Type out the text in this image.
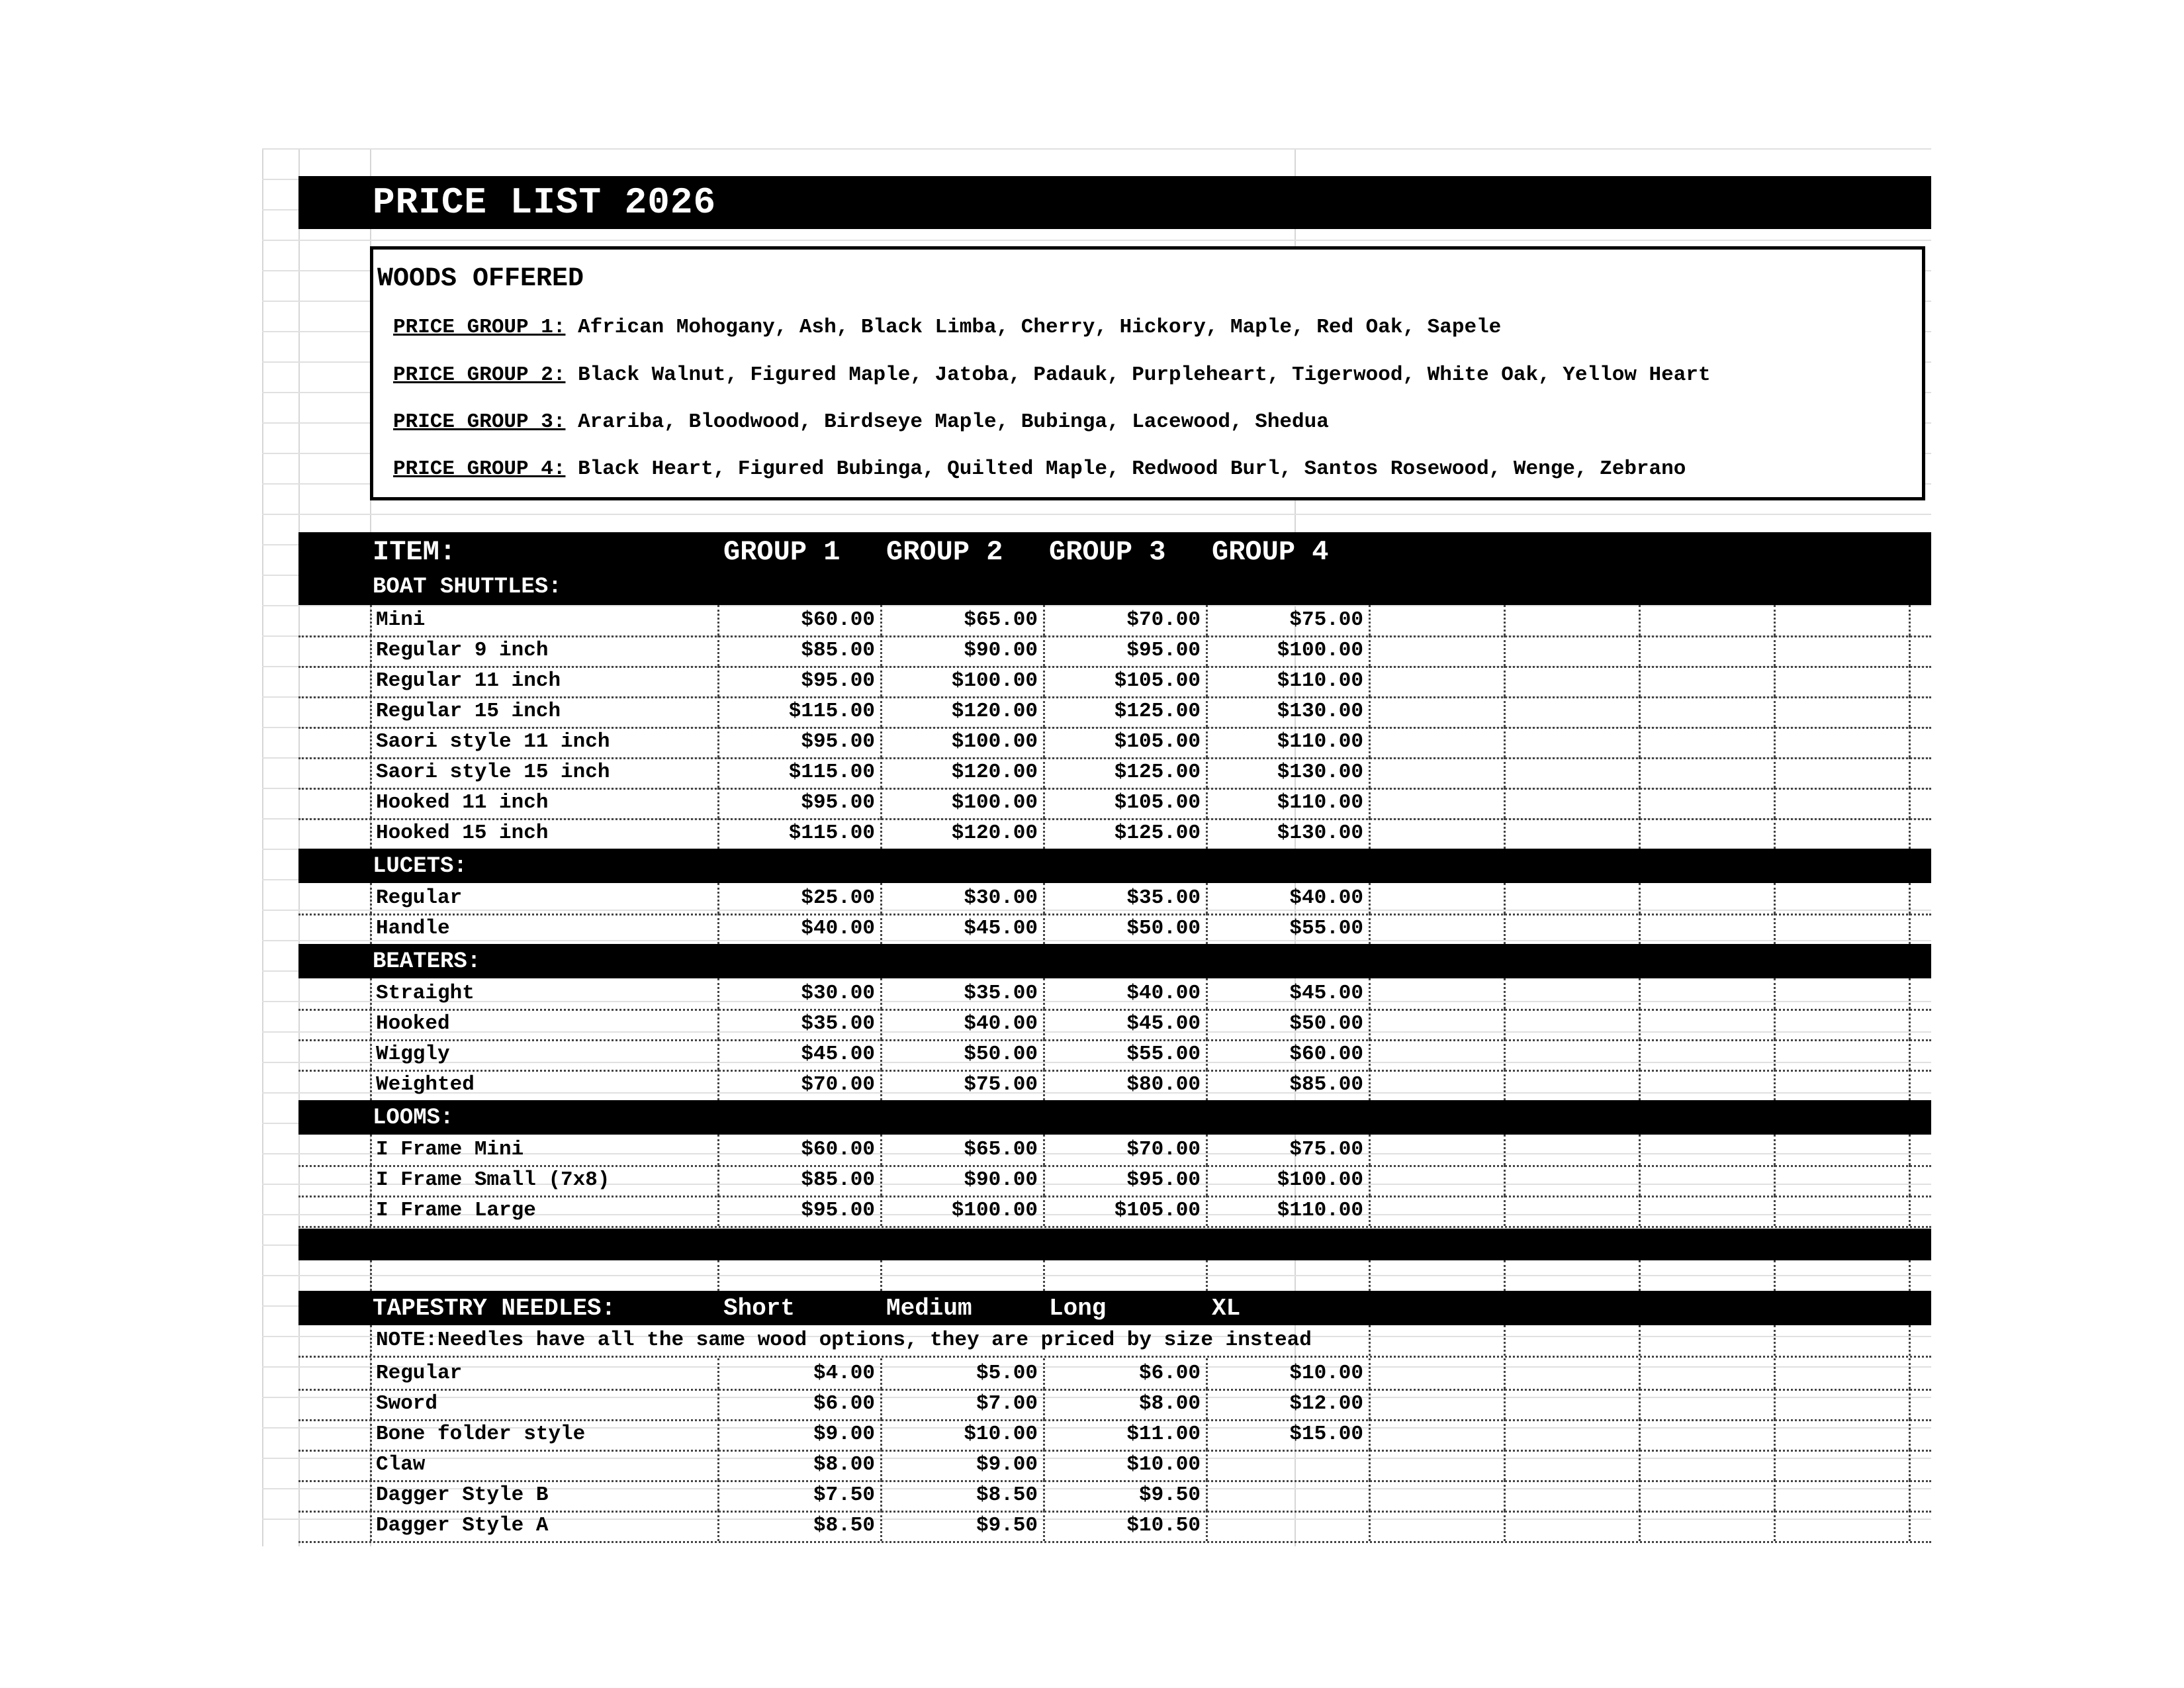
PRICE LIST 2026
WOODS OFFERED
PRICE GROUP 1: African Mohogany, Ash, Black Limba, Cherry, Hickory, Maple, Red Oak, Sapele
PRICE GROUP 2: Black Walnut, Figured Maple, Jatoba, Padauk, Purpleheart, Tigerwood, White Oak, Yellow Heart
PRICE GROUP 3: Arariba, Bloodwood, Birdseye Maple, Bubinga, Lacewood, Shedua
PRICE GROUP 4: Black Heart, Figured Bubinga, Quilted Maple, Redwood Burl, Santos Rosewood, Wenge, Zebrano
ITEM:	GROUP 1 GROUP 2 GROUP 3 GROUP 4
BOAT SHUTTLES:
Mini	$60.00	$65.00	$70.00	$75.00
Regular 9 inch	$85.00	$90.00	$95.00	$100.00
Regular 11 inch	$95.00	$100.00	$105.00	$110.00
Regular 15 inch	$115.00	$120.00	$125.00	$130.00
Saori style 11 inch	$95.00	$100.00	$105.00	$110.00
Saori style 15 inch	$115.00	$120.00	$125.00	$130.00
Hooked 11 inch	$95.00	$100.00	$105.00	$110.00
Hooked 15 inch	$115.00	$120.00	$125.00	$130.00
LUCETS:
Regular	$25.00	$30.00	$35.00	$40.00
Handle	$40.00	$45.00	$50.00	$55.00
BEATERS:
Straight	$30.00	$35.00	$40.00	$45.00
Hooked	$35.00	$40.00	$45.00	$50.00
Wiggly	$45.00	$50.00	$55.00	$60.00
Weighted	$70.00	$75.00	$80.00	$85.00
LOOMS:
I Frame Mini	$60.00	$65.00	$70.00	$75.00
I Frame Small (7x8)	$85.00	$90.00	$95.00	$100.00
I Frame Large	$95.00	$100.00	$105.00	$110.00
TAPESTRY NEEDLES:	Short	Medium	Long	XL
NOTE:Needles have all the same wood options, they are priced by size instead
Regular	$4.00	$5.00	$6.00	$10.00
Sword	$6.00	$7.00	$8.00	$12.00
Bone folder style	$9.00	$10.00	$11.00	$15.00
Claw	$8.00	$9.00	$10.00
Dagger Style B	$7.50	$8.50	$9.50
Dagger Style A	$8.50	$9.50	$10.50
